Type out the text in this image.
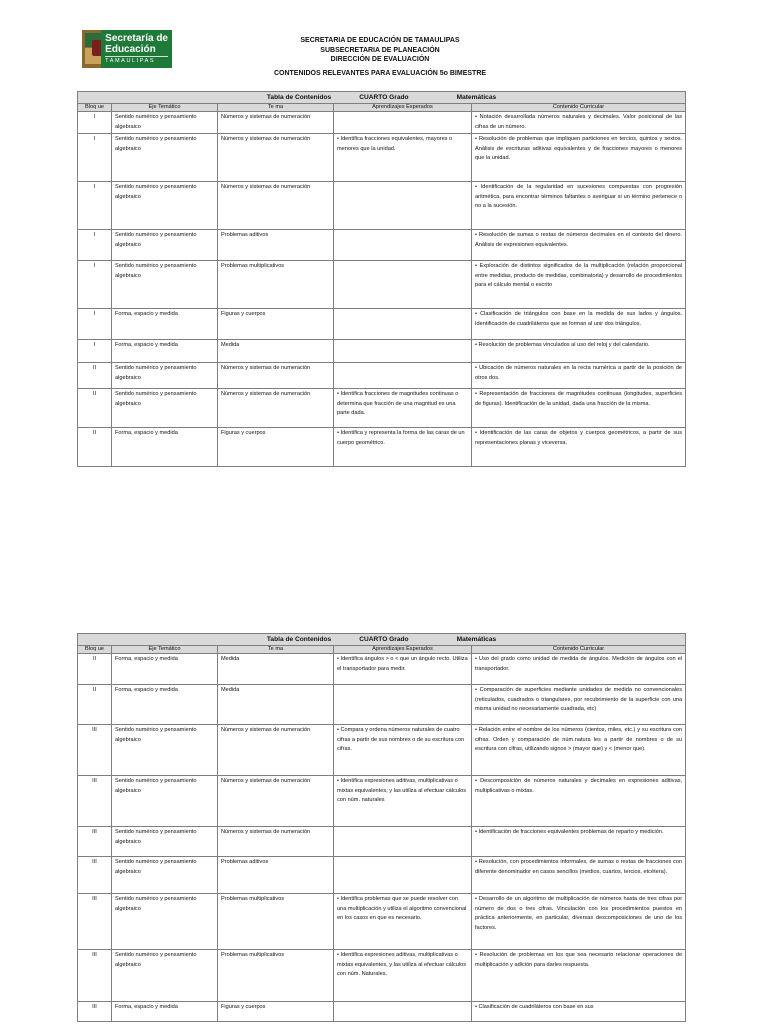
Secretaría de
Educación
TAMAULIPAS
SECRETARIA DE EDUCACIÓN DE TAMAULIPAS
SUBSECRETARIA DE PLANEACIÓN
DIRECCIÓN DE EVALUACIÓN
CONTENIDOS RELEVANTES PARA EVALUACIÓN 5o BIMESTRE
Tabla de Contenidos CUARTO Grado Matemáticas				
Bloq ue	Eje Temático	Te ma	Aprendizajes Esperados	Contenido Curricular
I	Sentido numérico y pensamiento algebraico	Números y sistemas de numeración		• Notación desarrollada números naturales y decimales. Valor posicional de las cifras de un número.
I	Sentido numérico y pensamiento algebraico	Números y sistemas de numeración	• Identifica fracciones equivalentes, mayores o menores que la unidad.	• Resolución de problemas que impliquen particiones en tercios, quintos y sextos. Análisis de escrituras aditivas equivalentes y de fracciones mayores o menores que la unidad.
I	Sentido numérico y pensamiento algebraico	Números y sistemas de numeración		• Identificación de la regularidad en sucesiones compuestas con progresión aritmética, para encontrar términos faltantes o averiguar si un término pertenece o no a la sucesión.
I	Sentido numérico y pensamiento algebraico	Problemas aditivos		• Resolución de sumas o restas de números decimales en el contexto del dinero. Análisis de expresiones equivalentes.
I	Sentido numérico y pensamiento algebraico	Problemas multiplicativos		• Exploración de distintos significados de la multiplicación (relación proporcional entre medidas, producto de medidas, combinatoria) y desarrollo de procedimientos para el cálculo mental o escrito
I	Forma, espacio y medida	Figuras y cuerpos		• Clasificación de triángulos con base en la medida de sus lados y ángulos. Identificación de cuadriláteros que se forman al unir dos triángulos.
I	Forma, espacio y medida	Medida		• Resolución de problemas vinculados al uso del reloj y del calendario.
II	Sentido numérico y pensamiento algebraico	Números y sistemas de numeración		• Ubicación de números naturales en la recta numérica a partir de la posición de otros dos.
II	Sentido numérico y pensamiento algebraico	Números y sistemas de numeración	• Identifica fracciones de magnitudes continuas o determina que fracción de una magnitud es una parte dada.	• Representación de fracciones de magnitudes continuas (longitudes, superficies de figuras). Identificación de la unidad, dada una fracción de la misma.
II	Forma, espacio y medida	Figuras y cuerpos	• Identifica y representa la forma de las caras de un cuerpo geométrico.	• Identificación de las caras de objetos y cuerpos geométricos, a partir de sus representaciones planas y viceversa.
Tabla de Contenidos CUARTO Grado Matemáticas				
Bloq ue	Eje Temático	Te ma	Aprendizajes Esperados	Contenido Curricular
II	Forma, espacio y medida	Medida	• Identifica ángulos > o < que un ángulo recto. Utiliza el transportador para medir.	• Uso del grado como unidad de medida de ángulos. Medición de ángulos con el transportador.
II	Forma, espacio y medida	Medida		• Comparación de superficies mediante unidades de medida no convencionales (reticulados, cuadrados o triangulares, por recubrimiento de la superficie con una misma unidad no necesariamente cuadrada, etc)
III	Sentido numérico y pensamiento algebraico	Números y sistemas de numeración	• Compara y ordena números naturales de cuatro cifras a partir de sus nombres o de su escritura con cifras.	• Relación entre el nombre de los números (cientos, miles, etc.) y su escritura con cifras. Orden y comparación de núm.natura les a partir de nombres o de su escritura con cifras, utilizando signos > (mayor que) y < (menor que).
III	Sentido numérico y pensamiento algebraico	Números y sistemas de numeración	• Identifica expresiones aditivas, multiplicativas o mixtas equivalentes, y las utiliza al efectuar cálculos con núm. naturales	• Descomposición de números naturales y decimales en expresiones aditivas, multiplicativas o mixtas.
III	Sentido numérico y pensamiento algebraico	Números y sistemas de numeración		• Identificación de fracciones equivalentes problemas de reparto y medición.
III	Sentido numérico y pensamiento algebraico	Problemas aditivos		• Resolución, con procedimientos informales, de sumas o restas de fracciones con diferente denominador en casos sencillos (medios, cuartos, tercios, etcétera).
III	Sentido numérico y pensamiento algebraico	Problemas multiplicativos	• Identifica problemas que se puede resolver con una multiplicación y utiliza el algoritmo convencional en los casos en que es necesario.	• Desarrollo de un algoritmo de multiplicación de números hasta de tres cifras por número de dos o tres cifras. Vinculación con los procedimientos puestos en práctica anteriormente, en particular, diversas descomposiciones de uno de los factores.
III	Sentido numérico y pensamiento algebraico	Problemas multiplicativos	• Identifica expresiones aditivas, multiplicativas o mixtas equivalentes, y las utiliza al efectuar cálculos con núm. Naturales.	• Resolución de problemas en los que sea necesario relacionar operaciones de multiplicación y adición para darles respuesta.
III	Forma, espacio y medida	Figuras y cuerpos		• Clasificación de cuadriláteros con base en sus
